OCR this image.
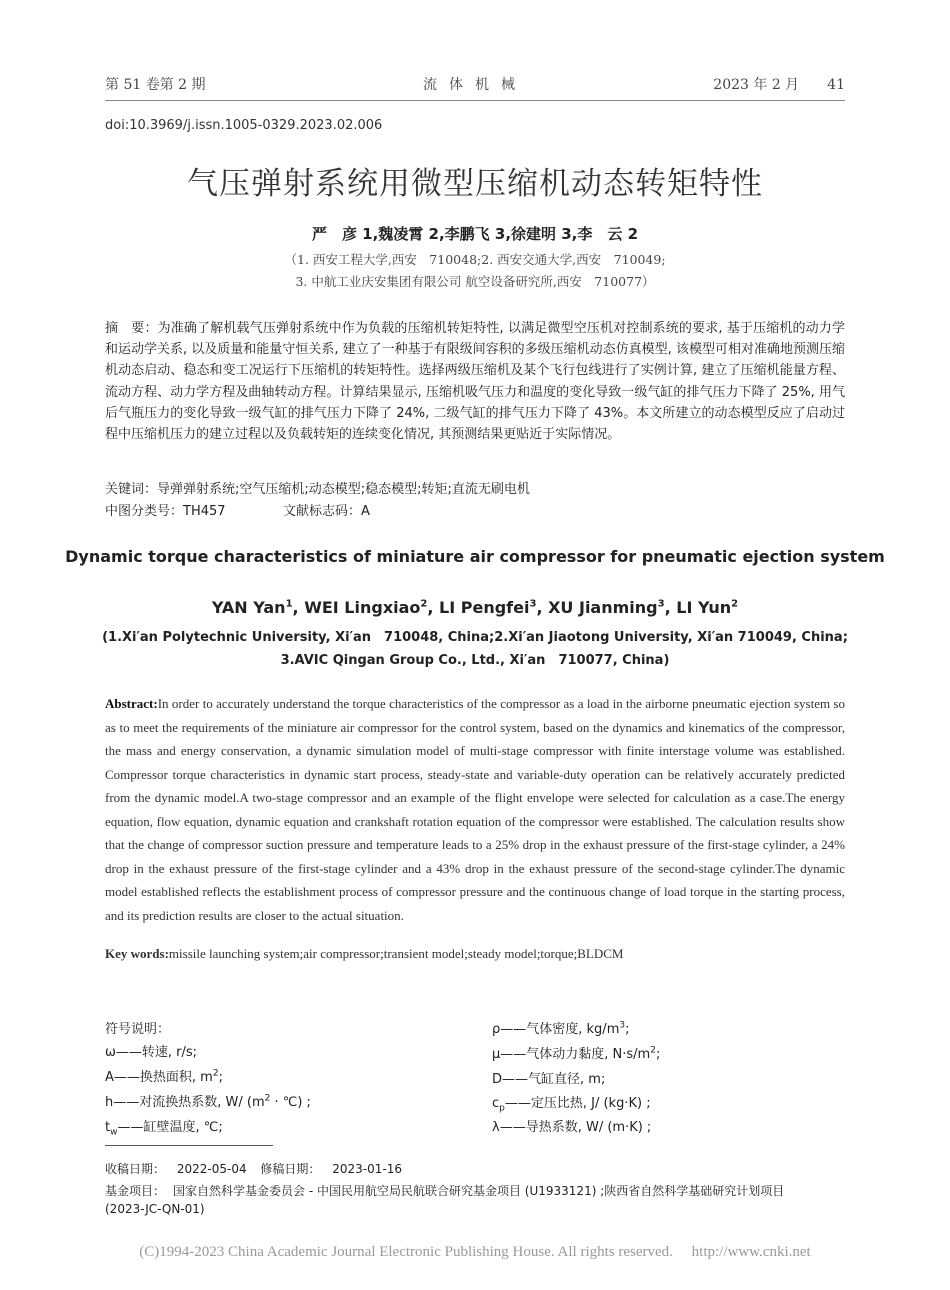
第 51 卷第 2 期	流体机械	2023 年 2 月　　41
doi:10.3969/j.issn.1005-0329.2023.02.006
气压弹射系统用微型压缩机动态转矩特性
严　彦 1,魏凌霄 2,李鹏飞 3,徐建明 3,李　云 2
（1. 西安工程大学,西安　710048;2. 西安交通大学,西安　710049;
3. 中航工业庆安集团有限公司 航空设备研究所,西安　710077）
摘　要：为准确了解机载气压弹射系统中作为负载的压缩机转矩特性, 以满足微型空压机对控制系统的要求, 基于压缩机的动力学和运动学关系, 以及质量和能量守恒关系, 建立了一种基于有限级间容积的多级压缩机动态仿真模型, 该模型可相对准确地预测压缩机动态启动、稳态和变工况运行下压缩机的转矩特性。选择两级压缩机及某个飞行包线进行了实例计算, 建立了压缩机能量方程、流动方程、动力学方程及曲轴转动方程。计算结果显示, 压缩机吸气压力和温度的变化导致一级气缸的排气压力下降了 25%, 用气后气瓶压力的变化导致一级气缸的排气压力下降了 24%, 二级气缸的排气压力下降了 43%。本文所建立的动态模型反应了启动过程中压缩机压力的建立过程以及负载转矩的连续变化情况, 其预测结果更贴近于实际情况。
关键词：导弹弹射系统;空气压缩机;动态模型;稳态模型;转矩;直流无刷电机
中图分类号：TH457	文献标志码：A
Dynamic torque characteristics of miniature air compressor for pneumatic ejection system
YAN Yan$^1$, WEI Lingxiao$^2$, LI Pengfei$^3$, XU Jianming$^3$, LI Yun$^2$
(1.Xi′an Polytechnic University, Xi′an　710048, China;2.Xi′an Jiaotong University, Xi′an 710049, China;
3.AVIC Qingan Group Co., Ltd., Xi′an　710077, China)
Abstract:In order to accurately understand the torque characteristics of the compressor as a load in the airborne pneumatic ejection system so as to meet the requirements of the miniature air compressor for the control system, based on the dynamics and kinematics of the compressor, the mass and energy conservation, a dynamic simulation model of multi-stage compressor with finite interstage volume was established. Compressor torque characteristics in dynamic start process, steady-state and variable-duty operation can be relatively accurately predicted from the dynamic model.A two-stage compressor and an example of the flight envelope were selected for calculation as a case.The energy equation, flow equation, dynamic equation and crankshaft rotation equation of the compressor were established. The calculation results show that the change of compressor suction pressure and temperature leads to a 25% drop in the exhaust pressure of the first-stage cylinder, a 24% drop in the exhaust pressure of the first-stage cylinder and a 43% drop in the exhaust pressure of the second-stage cylinder.The dynamic model established reflects the establishment process of compressor pressure and the continuous change of load torque in the starting process, and its prediction results are closer to the actual situation.
Key words:missile launching system;air compressor;transient model;steady model;torque;BLDCM
符号说明：
ω——转速, r/s;
A——换热面积, $m^2$;
h——对流换热系数, W/ ($m^2$ · ℃) ;
$t_w——$缸壁温度, ℃;
ρ——气体密度, $kg/m^3$;
μ——气体动力黏度, $N\cdot s/m^2$;
D——气缸直径, m;
$c_p——$定压比热, J/ (kg·K) ;
λ——导热系数, W/ (m·K) ;
收稿日期： 2022-05-04 修稿日期： 2023-01-16
基金项目： 国家自然科学基金委员会 - 中国民用航空局民航联合研究基金项目 (U1933121) ;陕西省自然科学基础研究计划项目
(2023-JC-QN-01)
(C)1994-2023 China Academic Journal Electronic Publishing House. All rights reserved.　 http://www.cnki.net
